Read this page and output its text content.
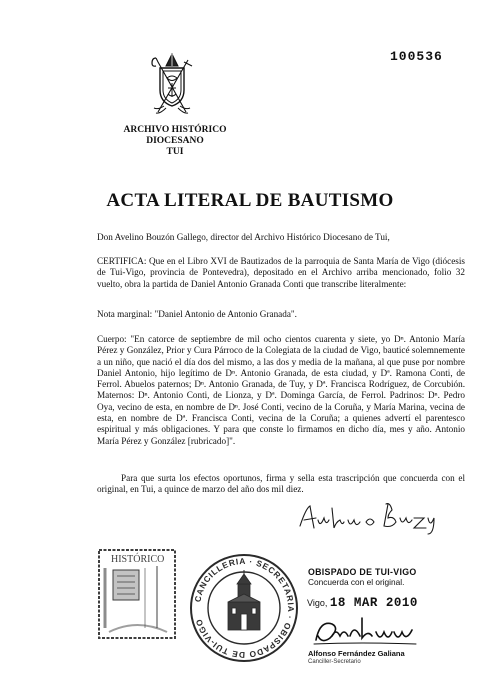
100536
ARCHIVO HISTÓRICO
DIOCESANO
TUI
ACTA LITERAL DE BAUTISMO
Don Avelino Bouzón Gallego, director del Archivo Histórico Diocesano de Tui,
CERTIFICA: Que en el Libro XVI de Bautizados de la parroquia de Santa María de Vigo (diócesis de Tui-Vigo, provincia de Pontevedra), depositado en el Archivo arriba mencionado, folio 32 vuelto, obra la partida de Daniel Antonio Granada Conti que transcribe literalmente:
Nota marginal: "Daniel Antonio de Antonio Granada".
Cuerpo: "En catorce de septiembre de mil ocho cientos cuarenta y siete, yo Dⁿ. Antonio María Pérez y González, Prior y Cura Párroco de la Colegiata de la ciudad de Vigo, bauticé solemnemente a un niño, que nació el día dos del mismo, a las dos y media de la mañana, al que puse por nombre Daniel Antonio, hijo legítimo de Dⁿ. Antonio Granada, de esta ciudad, y Dª. Ramona Conti, de Ferrol. Abuelos paternos; Dⁿ. Antonio Granada, de Tuy, y Dª. Francisca Rodríguez, de Corcubión. Maternos: Dⁿ. Antonio Conti, de Lionza, y Dª. Dominga García, de Ferrol. Padrinos: Dⁿ. Pedro Oya, vecino de esta, en nombre de Dⁿ. José Conti, vecino de la Coruña, y María Marina, vecina de esta, en nombre de Dª. Francisca Conti, vecina de la Coruña; a quienes advertí el parentesco espiritual y más obligaciones. Y para que conste lo firmamos en dicho día, mes y año. Antonio María Pérez y González [rubricado]".
Para que surta los efectos oportunos, firma y sella esta trascripción que concuerda con el original, en Tui, a quince de marzo del año dos mil diez.
HISTÓRICO
CANCILLERIA · SECRETARIA · OBISPADO DE TUI-VIGO
OBISPADO DE TUI-VIGO
Concuerda con el original.
Vigo, 18 MAR 2010
Alfonso Fernández Galiana
Canciller-Secretario
